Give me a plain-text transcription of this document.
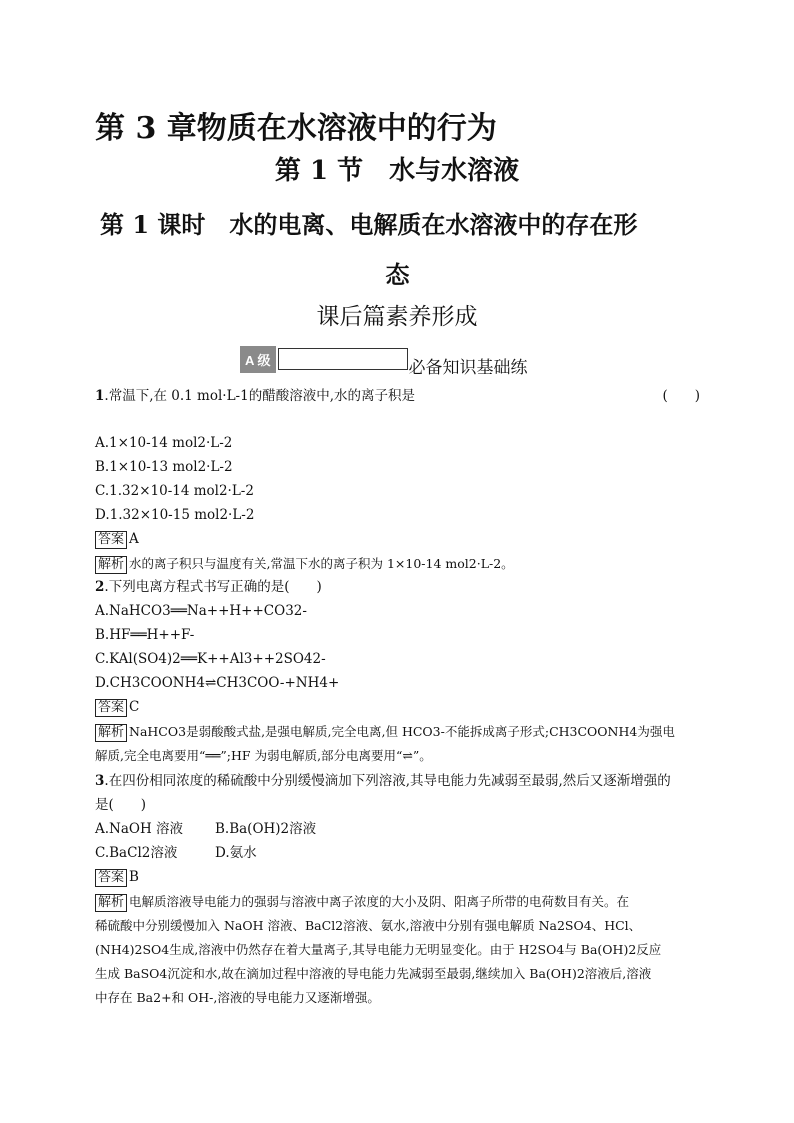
第 3 章物质在水溶液中的行为
第 1 节　水与水溶液
第 1 课时　水的电离、电解质在水溶液中的存在形
态
课后篇素养形成
A 级	必备知识基础练
1.常温下,在 0.1 mol·L-1的醋酸溶液中,水的离子积是	(　　)
A.1×10-14 mol2·L-2
B.1×10-13 mol2·L-2
C.1.32×10-14 mol2·L-2
D.1.32×10-15 mol2·L-2
答案 A
解析 水的离子积只与温度有关,常温下水的离子积为 1×10-14 mol2·L-2。
2.下列电离方程式书写正确的是(　　)
A.NaHCO3══Na++H++CO32-
B.HF══H++F-
C.KAl(SO4)2══K++Al3++2SO42-
D.CH3COONH4⇌CH3COO-+NH4+
答案 C
解析 NaHCO3是弱酸酸式盐,是强电解质,完全电离,但 HCO3-不能拆成离子形式;CH3COONH4为强电
解质,完全电离要用“══”;HF 为弱电解质,部分电离要用“⇌”。
3.在四份相同浓度的稀硫酸中分别缓慢滴加下列溶液,其导电能力先减弱至最弱,然后又逐渐增强的
是(　　)
A.NaOH 溶液 B.Ba(OH)2溶液
C.BaCl2溶液	D.氨水
答案 B
解析 电解质溶液导电能力的强弱与溶液中离子浓度的大小及阴、阳离子所带的电荷数目有关。在
稀硫酸中分别缓慢加入 NaOH 溶液、BaCl2溶液、氨水,溶液中分别有强电解质 Na2SO4、HCl、
(NH4)2SO4生成,溶液中仍然存在着大量离子,其导电能力无明显变化。由于 H2SO4与 Ba(OH)2反应
生成 BaSO4沉淀和水,故在滴加过程中溶液的导电能力先减弱至最弱,继续加入 Ba(OH)2溶液后,溶液
中存在 Ba2+和 OH-,溶液的导电能力又逐渐增强。
